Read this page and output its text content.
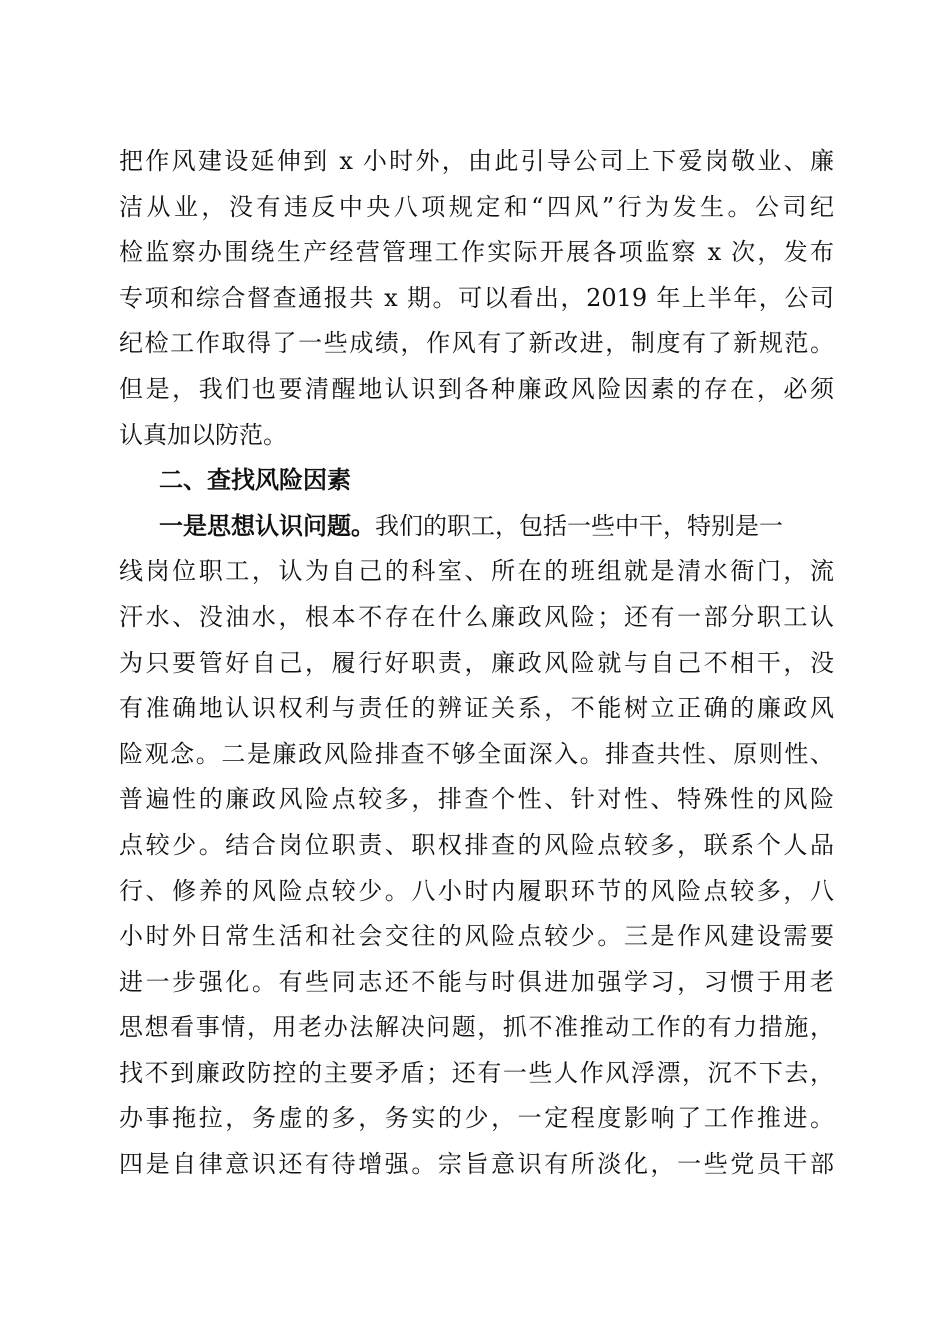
把作风建设延伸到 x 小时外，由此引导公司上下爱岗敬业、廉
洁从业，没有违反中央八项规定和“四风”行为发生。公司纪
检监察办围绕生产经营管理工作实际开展各项监察 x 次，发布
专项和综合督查通报共 x 期。可以看出，2019 年上半年，公司
纪检工作取得了一些成绩，作风有了新改进，制度有了新规范。
但是，我们也要清醒地认识到各种廉政风险因素的存在，必须
认真加以防范。
二、查找风险因素
一是思想认识问题。我们的职工，包括一些中干，特别是一
线岗位职工，认为自己的科室、所在的班组就是清水衙门，流
汗水、没油水，根本不存在什么廉政风险；还有一部分职工认
为只要管好自己，履行好职责，廉政风险就与自己不相干，没
有准确地认识权利与责任的辨证关系，不能树立正确的廉政风
险观念。二是廉政风险排查不够全面深入。排查共性、原则性、
普遍性的廉政风险点较多，排查个性、针对性、特殊性的风险
点较少。结合岗位职责、职权排查的风险点较多，联系个人品
行、修养的风险点较少。八小时内履职环节的风险点较多，八
小时外日常生活和社会交往的风险点较少。三是作风建设需要
进一步强化。有些同志还不能与时俱进加强学习，习惯于用老
思想看事情，用老办法解决问题，抓不准推动工作的有力措施，
找不到廉政防控的主要矛盾；还有一些人作风浮漂，沉不下去，
办事拖拉，务虚的多，务实的少，一定程度影响了工作推进。
四是自律意识还有待增强。宗旨意识有所淡化，一些党员干部
